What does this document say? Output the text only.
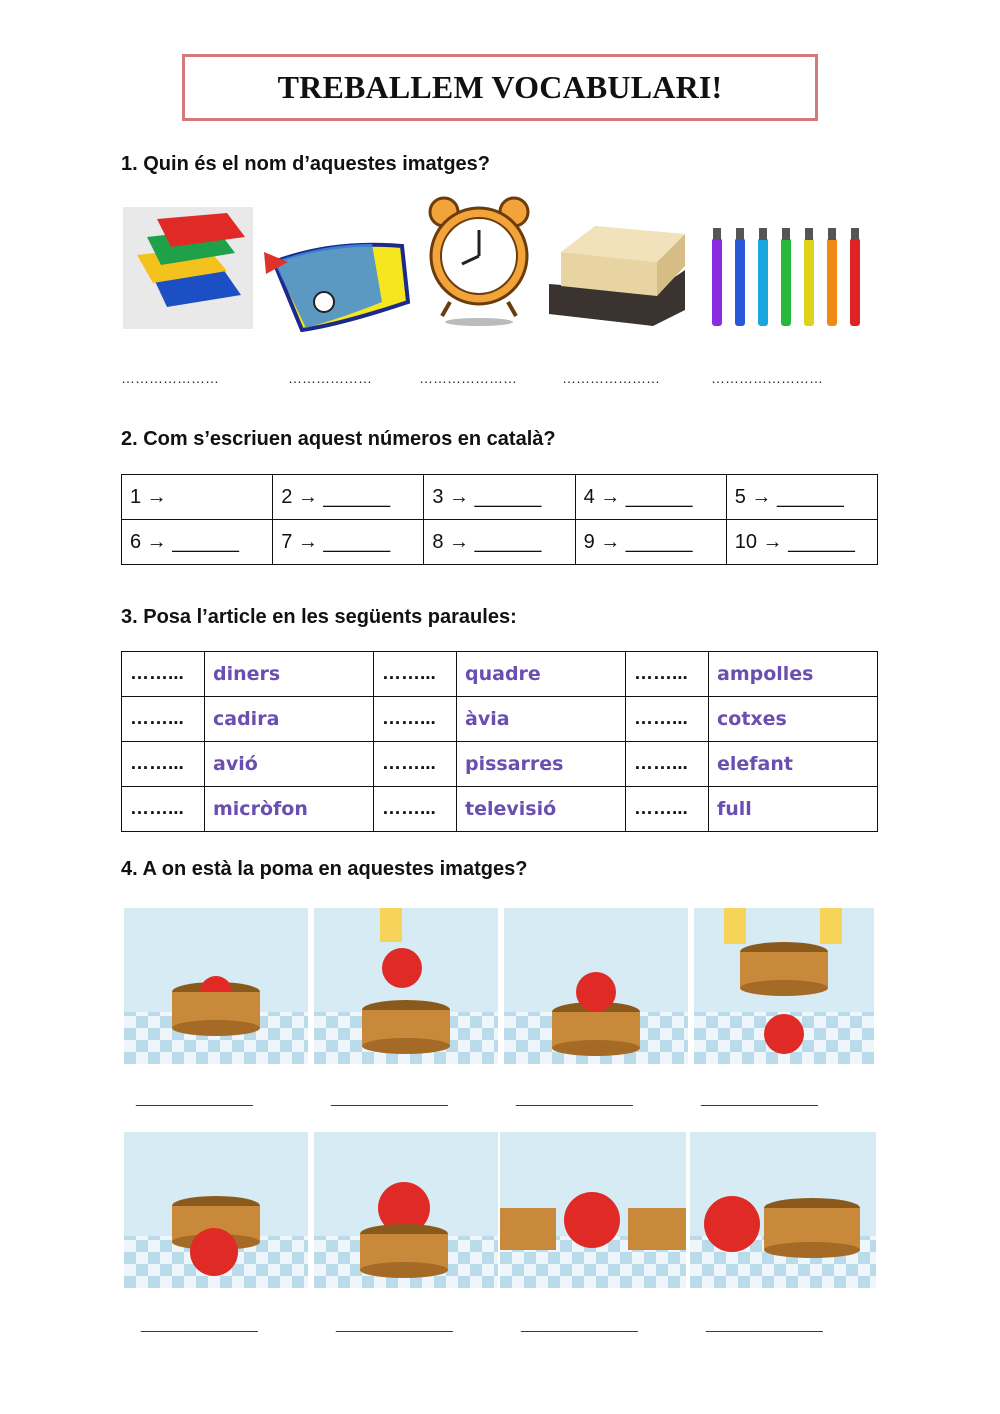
TREBALLEM VOCABULARI!
1. Quin és el nom d’aquestes imatges?
…………………	………………	…………………	…………………	……………………
2. Com s’escriuen aquest números en català?
1 →	2 → ______	3 → ______	4 → ______	5 → ______
6 → ______	7 → ______	8 → ______	9 → ______	10 → ______
3. Posa l’article en les següents paraules:
……...	diners	……...	quadre	……...	ampolles
……...	cadira	……...	àvia	……...	cotxes
……...	avió	……...	pissarres	……...	elefant
……...	micròfon	……...	televisió	……...	full
4. A on està la poma en aquestes imatges?
_______________	_______________	_______________	_______________
_______________	_______________	_______________	_______________
